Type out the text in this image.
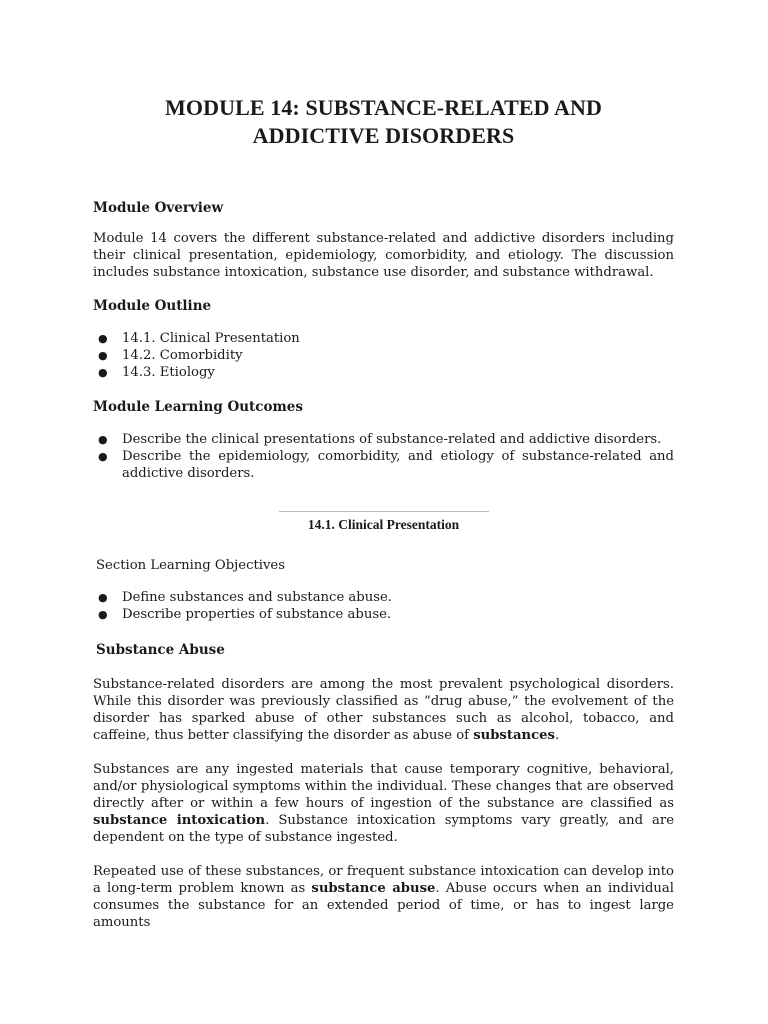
MODULE 14: SUBSTANCE-RELATED AND
ADDICTIVE DISORDERS
Module Overview

Module 14 covers the different substance-related and addictive disorders including their clinical presentation, epidemiology, comorbidity, and etiology. The discussion includes substance intoxication, substance use disorder, and substance withdrawal.

Module Outline
● 14.1. Clinical Presentation
● 14.2. Comorbidity
● 14.3. Etiology
Module Learning Outcomes
● Describe the clinical presentations of substance-related and addictive disorders.
● Describe the epidemiology, comorbidity, and etiology of substance-related and addictive disorders.
14.1. Clinical Presentation

Section Learning Objectives

● Define substances and substance abuse.
● Describe properties of substance abuse.
Substance Abuse

Substance-related disorders are among the most prevalent psychological disorders. While this disorder was previously classified as “drug abuse,” the evolvement of the disorder has sparked abuse of other substances such as alcohol, tobacco, and caffeine, thus better classifying the disorder as abuse of substances.

Substances are any ingested materials that cause temporary cognitive, behavioral, and/or physiological symptoms within the individual. These changes that are observed directly after or within a few hours of ingestion of the substance are classified as substance intoxication. Substance intoxication symptoms vary greatly, and are dependent on the type of substance ingested.

Repeated use of these substances, or frequent substance intoxication can develop into a long-term problem known as substance abuse. Abuse occurs when an individual consumes the substance for an extended period of time, or has to ingest large amounts
